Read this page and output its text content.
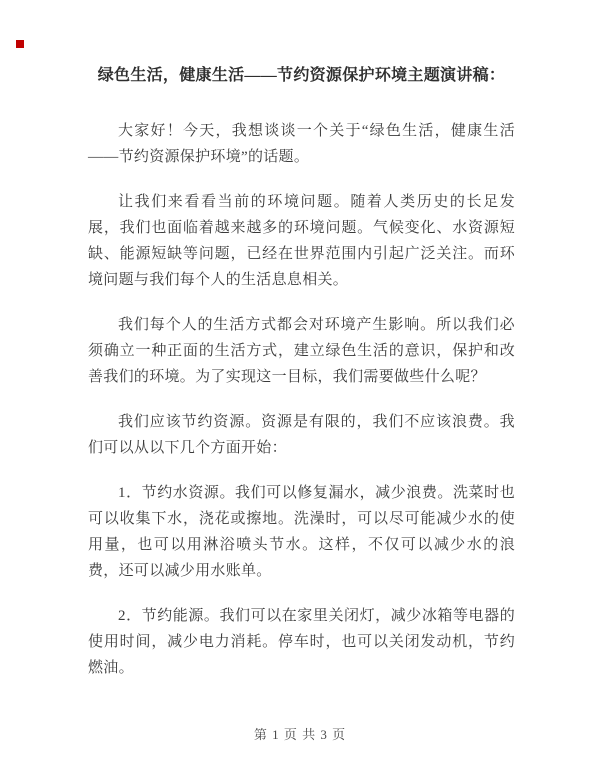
绿色生活，健康生活——节约资源保护环境主题演讲稿：

大家好！今天，我想谈谈一个关于“绿色生活，健康生活——节约资源保护环境”的话题。

让我们来看看当前的环境问题。随着人类历史的长足发展，我们也面临着越来越多的环境问题。气候变化、水资源短缺、能源短缺等问题，已经在世界范围内引起广泛关注。而环境问题与我们每个人的生活息息相关。

我们每个人的生活方式都会对环境产生影响。所以我们必须确立一种正面的生活方式，建立绿色生活的意识，保护和改善我们的环境。为了实现这一目标，我们需要做些什么呢？

我们应该节约资源。资源是有限的，我们不应该浪费。我们可以从以下几个方面开始：

1．节约水资源。我们可以修复漏水，减少浪费。洗菜时也可以收集下水，浇花或擦地。洗澡时，可以尽可能减少水的使用量，也可以用淋浴喷头节水。这样，不仅可以减少水的浪费，还可以减少用水账单。

2．节约能源。我们可以在家里关闭灯，减少冰箱等电器的使用时间，减少电力消耗。停车时，也可以关闭发动机，节约燃油。

第 1 页 共 3 页
